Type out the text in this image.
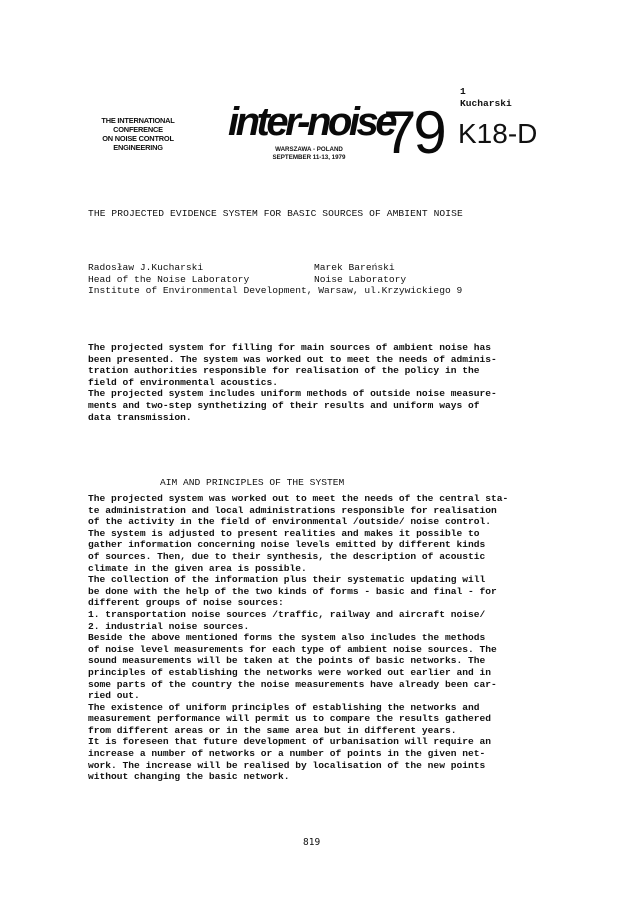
1
Kucharski
THE INTERNATIONAL
CONFERENCE
ON NOISE CONTROL
ENGINEERING
inter-noise
79
WARSZAWA - POLAND
SEPTEMBER 11-13, 1979
K18-D
THE PROJECTED EVIDENCE SYSTEM FOR BASIC SOURCES OF AMBIENT NOISE
Radosław J.Kucharski	Marek Bareński
Head of the Noise Laboratory	Noise Laboratory
Institute of Environmental Development, Warsaw, ul.Krzywickiego 9
The projected system for filling for main sources of ambient noise has
been presented. The system was worked out to meet the needs of adminis-
tration authorities responsible for realisation of the policy in the
field of environmental acoustics.
The projected system includes uniform methods of outside noise measure-
ments and two-step synthetizing of their results and uniform ways of
data transmission.
AIM AND PRINCIPLES OF THE SYSTEM
The projected system was worked out to meet the needs of the central sta-
te administration and local administrations responsible for realisation
of the activity in the field of environmental /outside/ noise control.
The system is adjusted to present realities and makes it possible to
gather information concerning noise levels emitted by different kinds
of sources. Then, due to their synthesis, the description of acoustic
climate in the given area is possible.
The collection of the information plus their systematic updating will
be done with the help of the two kinds of forms - basic and final - for
different groups of noise sources:
1. transportation noise sources /traffic, railway and aircraft noise/
2. industrial noise sources.
Beside the above mentioned forms the system also includes the methods
of noise level measurements for each type of ambient noise sources. The
sound measurements will be taken at the points of basic networks. The
principles of establishing the networks were worked out earlier and in
some parts of the country the noise measurements have already been car-
ried out.
The existence of uniform principles of establishing the networks and
measurement performance will permit us to compare the results gathered
from different areas or in the same area but in different years.
It is foreseen that future development of urbanisation will require an
increase a number of networks or a number of points in the given net-
work. The increase will be realised by localisation of the new points
without changing the basic network.
819
